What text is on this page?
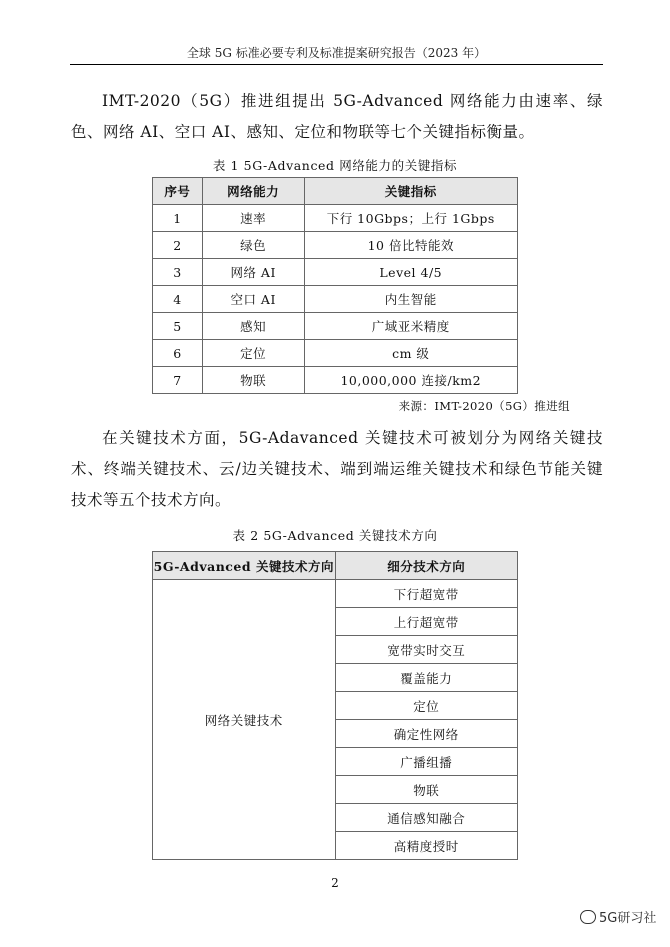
全球 5G 标准必要专利及标准提案研究报告（2023 年）
IMT-2020（5G）推进组提出 5G-Advanced 网络能力由速率、绿色、网络 AI、空口 AI、感知、定位和物联等七个关键指标衡量。
表 1 5G-Advanced 网络能力的关键指标
序号	网络能力	关键指标
1	速率	下行 10Gbps；上行 1Gbps
2	绿色	10 倍比特能效
3	网络 AI	Level 4/5
4	空口 AI	内生智能
5	感知	广域亚米精度
6	定位	cm 级
7	物联	10,000,000 连接/km2
来源：IMT-2020（5G）推进组
在关键技术方面，5G-Adavanced 关键技术可被划分为网络关键技术、终端关键技术、云/边关键技术、端到端运维关键技术和绿色节能关键技术等五个技术方向。
表 2 5G-Advanced 关键技术方向
5G-Advanced 关键技术方向	细分技术方向
网络关键技术	下行超宽带
	上行超宽带
	宽带实时交互
	覆盖能力
	定位
	确定性网络
	广播组播
	物联
	通信感知融合
	高精度授时
2
5G研习社
